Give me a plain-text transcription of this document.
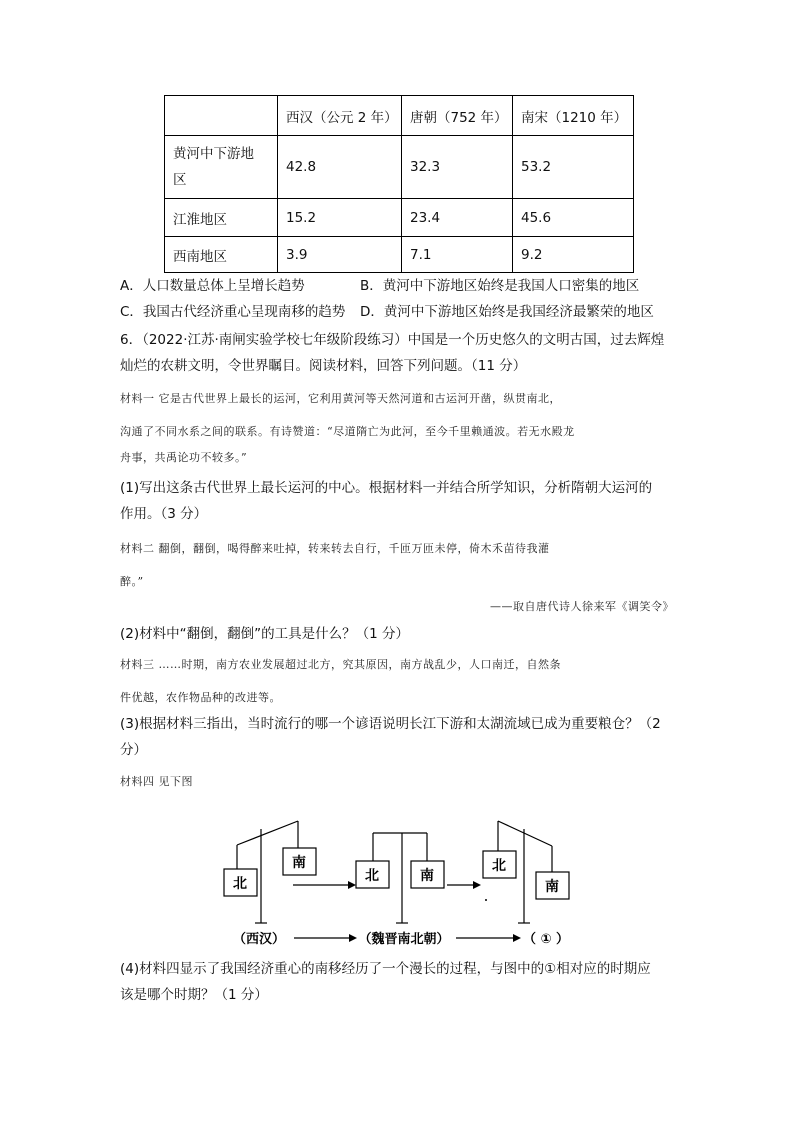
	西汉（公元 2 年）	唐朝（752 年）	南宋（1210 年）

黄河中下游地
区	42.8	32.3	53.2
江淮地区	15.2	23.4	45.6
西南地区	3.9	7.1	9.2
A．人口数量总体上呈增长趋势	B．黄河中下游地区始终是我国人口密集的地区
C．我国古代经济重心呈现南移的趋势 D．黄河中下游地区始终是我国经济最繁荣的地区
6．（2022·江苏·南闸实验学校七年级阶段练习）中国是一个历史悠久的文明古国，过去辉煌
灿烂的农耕文明，令世界瞩目。阅读材料，回答下列问题。（11 分）
材料一 它是古代世界上最长的运河，它利用黄河等天然河道和古运河开凿，纵贯南北，
沟通了不同水系之间的联系。有诗赞道：“尽道隋亡为此河，至今千里赖通波。若无水殿龙
舟事，共禹论功不较多。”
(1)写出这条古代世界上最长运河的中心。根据材料一并结合所学知识，分析隋朝大运河的
作用。（3 分）
材料二 翻倒，翻倒，喝得醉来吐掉，转来转去自行，千匝万匝未停，倚木禾苗待我灌
醉。”
——取自唐代诗人徐来军《调笑令》
(2)材料中“翻倒，翻倒”的工具是什么？（1 分）
材料三 ……时期，南方农业发展超过北方，究其原因，南方战乱少，人口南迁，自然条
件优越，农作物品种的改进等。
(3)根据材料三指出，当时流行的哪一个谚语说明长江下游和太湖流域已成为重要粮仓？（2
分）
材料四 见下图
北
南
北	南
北
南
（西汉）	（魏晋南北朝）	（ ① ）
(4)材料四显示了我国经济重心的南移经历了一个漫长的过程，与图中的①相对应的时期应
该是哪个时期？（1 分）
